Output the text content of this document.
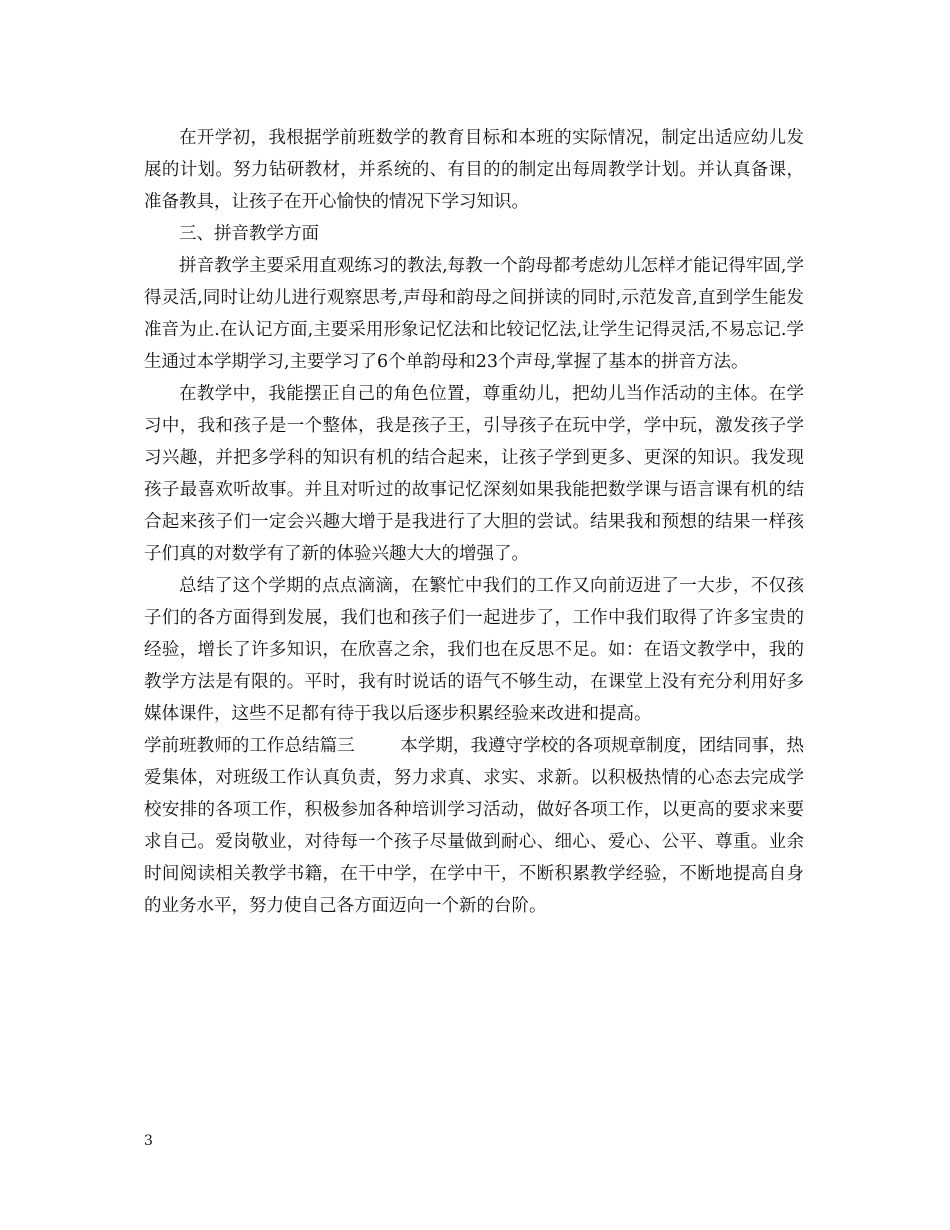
在开学初，我根据学前班数学的教育目标和本班的实际情况，制定出适应幼儿发展的计划。努力钻研教材，并系统的、有目的的制定出每周教学计划。并认真备课，准备教具，让孩子在开心愉快的情况下学习知识。

三、拼音教学方面

拼音教学主要采用直观练习的教法,每教一个韵母都考虑幼儿怎样才能记得牢固,学得灵活,同时让幼儿进行观察思考,声母和韵母之间拼读的同时,示范发音,直到学生能发准音为止.在认记方面,主要采用形象记忆法和比较记忆法,让学生记得灵活,不易忘记.学生通过本学期学习,主要学习了6个单韵母和23个声母,掌握了基本的拼音方法。

在教学中，我能摆正自己的角色位置，尊重幼儿，把幼儿当作活动的主体。在学习中，我和孩子是一个整体，我是孩子王，引导孩子在玩中学，学中玩，激发孩子学习兴趣，并把多学科的知识有机的结合起来，让孩子学到更多、更深的知识。我发现孩子最喜欢听故事。并且对听过的故事记忆深刻如果我能把数学课与语言课有机的结合起来孩子们一定会兴趣大增于是我进行了大胆的尝试。结果我和预想的结果一样孩子们真的对数学有了新的体验兴趣大大的增强了。

总结了这个学期的点点滴滴，在繁忙中我们的工作又向前迈进了一大步，不仅孩子们的各方面得到发展，我们也和孩子们一起进步了，工作中我们取得了许多宝贵的经验，增长了许多知识，在欣喜之余，我们也在反思不足。如：在语文教学中，我的教学方法是有限的。平时，我有时说话的语气不够生动，在课堂上没有充分利用好多媒体课件，这些不足都有待于我以后逐步积累经验来改进和提高。

学前班教师的工作总结篇三	本学期，我遵守学校的各项规章制度，团结同事，热爱集体，对班级工作认真负责，努力求真、求实、求新。以积极热情的心态去完成学校安排的各项工作，积极参加各种培训学习活动，做好各项工作，以更高的要求来要求自己。爱岗敬业，对待每一个孩子尽量做到耐心、细心、爱心、公平、尊重。业余时间阅读相关教学书籍，在干中学，在学中干，不断积累教学经验，不断地提高自身的业务水平，努力使自己各方面迈向一个新的台阶。

3
